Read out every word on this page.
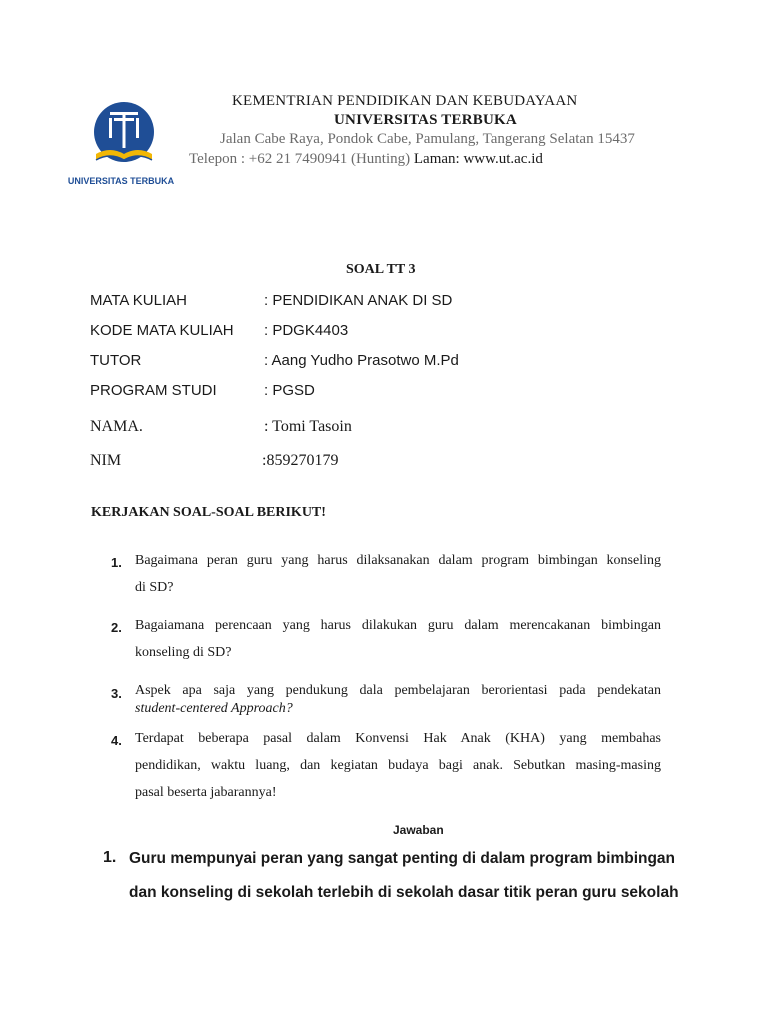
UNIVERSITAS TERBUKA
KEMENTRIAN PENDIDIKAN DAN KEBUDAYAAN
UNIVERSITAS TERBUKA
Jalan Cabe Raya, Pondok Cabe, Pamulang, Tangerang Selatan 15437
Telepon : +62 21 7490941 (Hunting) Laman: www.ut.ac.id
SOAL TT 3
MATA KULIAH	: PENDIDIKAN ANAK DI SD
KODE MATA KULIAH : PDGK4403
TUTOR	: Aang Yudho Prasotwo M.Pd
PROGRAM STUDI	: PGSD
NAMA.	: Tomi Tasoin
NIM	:859270179
KERJAKAN SOAL-SOAL BERIKUT!
1. Bagaimana peran guru yang harus dilaksanakan dalam program bimbingan konseling
di SD?
2. Bagaiamana perencaan yang harus dilakukan guru dalam merencakanan bimbingan
konseling di SD?
3. Aspek apa saja yang pendukung dala pembelajaran berorientasi pada pendekatan
student-centered Approach?
4. Terdapat beberapa pasal dalam Konvensi Hak Anak (KHA) yang membahas
pendidikan, waktu luang, dan kegiatan budaya bagi anak. Sebutkan masing-masing
pasal beserta jabarannya!
Jawaban
1. Guru mempunyai peran yang sangat penting di dalam program bimbingan
dan konseling di sekolah terlebih di sekolah dasar titik peran guru sekolah
